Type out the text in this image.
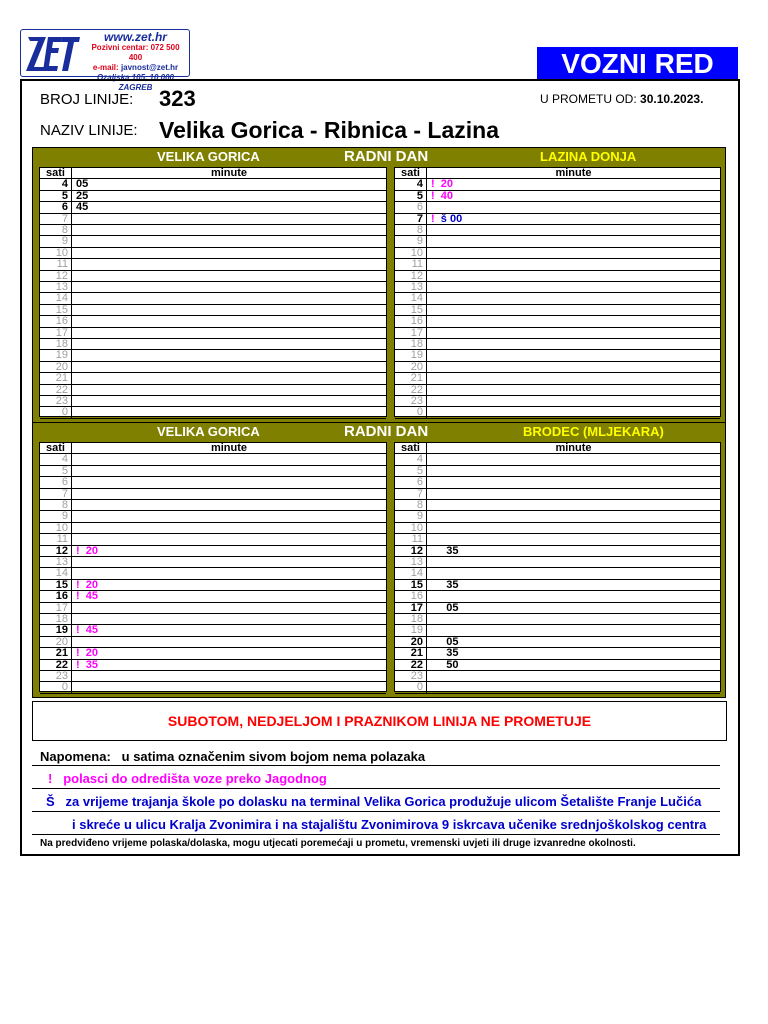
www.zet.hr
Pozivni centar: 072 500 400
e-mail: javnost@zet.hr
Ozaljska 105, 10 000 ZAGREB
VOZNI RED
BROJ LINIJE: 323	U PROMETU OD: 30.10.2023.
NAZIV LINIJE: Velika Gorica - Ribnica - Lazina
VELIKA GORICA	RADNI DAN	LAZINA DONJA
sati	minute
4 05
5 25
6 45
7
8
9
10
11
12
13
14
15
16
17
18
19
20
21
22
23
0
sati	minute
4 !  20
5 !  40
6
7 !  š 00
8
9
10
11
12
13
14
15
16
17
18
19
20
21
22
23
0
VELIKA GORICA	RADNI DAN	BRODEC (MLJEKARA)
sati	minute
4
5
6
7
8
9
10
11
12 !  20
13
14
15 !  20
16 !  45
17
18
19 !  45
20
21 !  20
22 !  35
23
0
sati	minute
4
5
6
7
8
9
10
11
12 35
13
14
15 35
16
17 05
18
19
20 05
21 35
22 50
23
0
SUBOTOM, NEDJELJOM I PRAZNIKOM LINIJA NE PROMETUJE
Napomena: u satima označenim sivom bojom nema polazaka
! polasci do odredišta voze preko Jagodnog
Š za vrijeme trajanja škole po dolasku na terminal Velika Gorica produžuje ulicom Šetalište Franje Lučića
i skreće u ulicu Kralja Zvonimira i na stajalištu Zvonimirova 9 iskrcava učenike srednjoškolskog centra
Na predviđeno vrijeme polaska/dolaska, mogu utjecati poremećaji u prometu, vremenski uvjeti ili druge izvanredne okolnosti.
